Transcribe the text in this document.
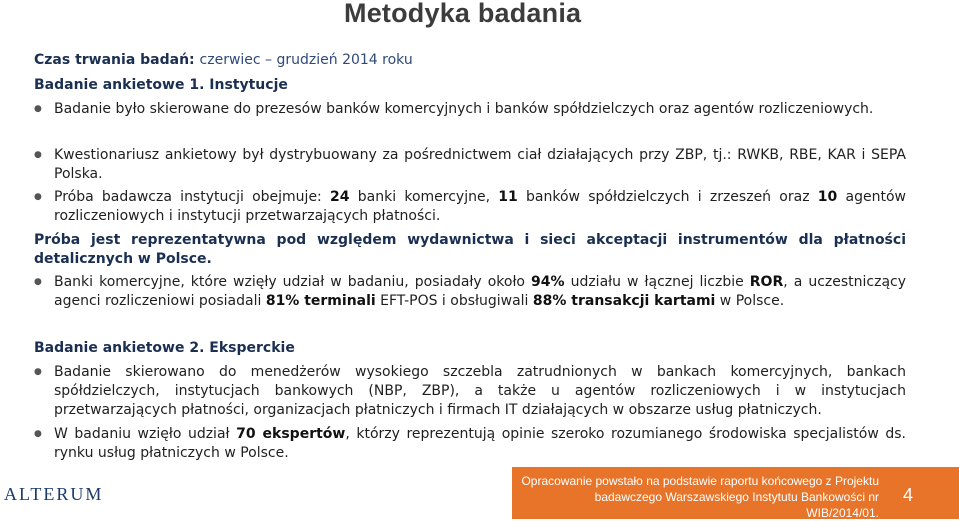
Metodyka badania
Czas trwania badań: czerwiec – grudzień 2014 roku
Badanie ankietowe 1. Instytucje
● Badanie było skierowane do prezesów banków komercyjnych i banków spółdzielczych oraz agentów rozliczeniowych.
● Kwestionariusz ankietowy był dystrybuowany za pośrednictwem ciał działających przy ZBP, tj.: RWKB, RBE, KAR i SEPA Polska.
● Próba badawcza instytucji obejmuje: 24 banki komercyjne, 11 banków spółdzielczych i zrzeszeń oraz 10 agentów rozliczeniowych i instytucji przetwarzających płatności.
Próba jest reprezentatywna pod względem wydawnictwa i sieci akceptacji instrumentów dla płatności detalicznych w Polsce.
● Banki komercyjne, które wzięły udział w badaniu, posiadały około 94% udziału w łącznej liczbie ROR, a uczestniczący agenci rozliczeniowi posiadali 81% terminali EFT-POS i obsługiwali 88% transakcji kartami w Polsce.
Badanie ankietowe 2. Eksperckie
● Badanie skierowano do menedżerów wysokiego szczebla zatrudnionych w bankach komercyjnych, bankach spółdzielczych, instytucjach bankowych (NBP, ZBP), a także u agentów rozliczeniowych i w instytucjach przetwarzających płatności, organizacjach płatniczych i firmach IT działających w obszarze usług płatniczych.
● W badaniu wzięło udział 70 ekspertów, którzy reprezentują opinie szeroko rozumianego środowiska specjalistów ds. rynku usług płatniczych w Polsce.
ALTERUM
Opracowanie powstało na podstawie raportu końcowego z Projektu badawczego Warszawskiego Instytutu Bankowości nr WIB/2014/01.
4
